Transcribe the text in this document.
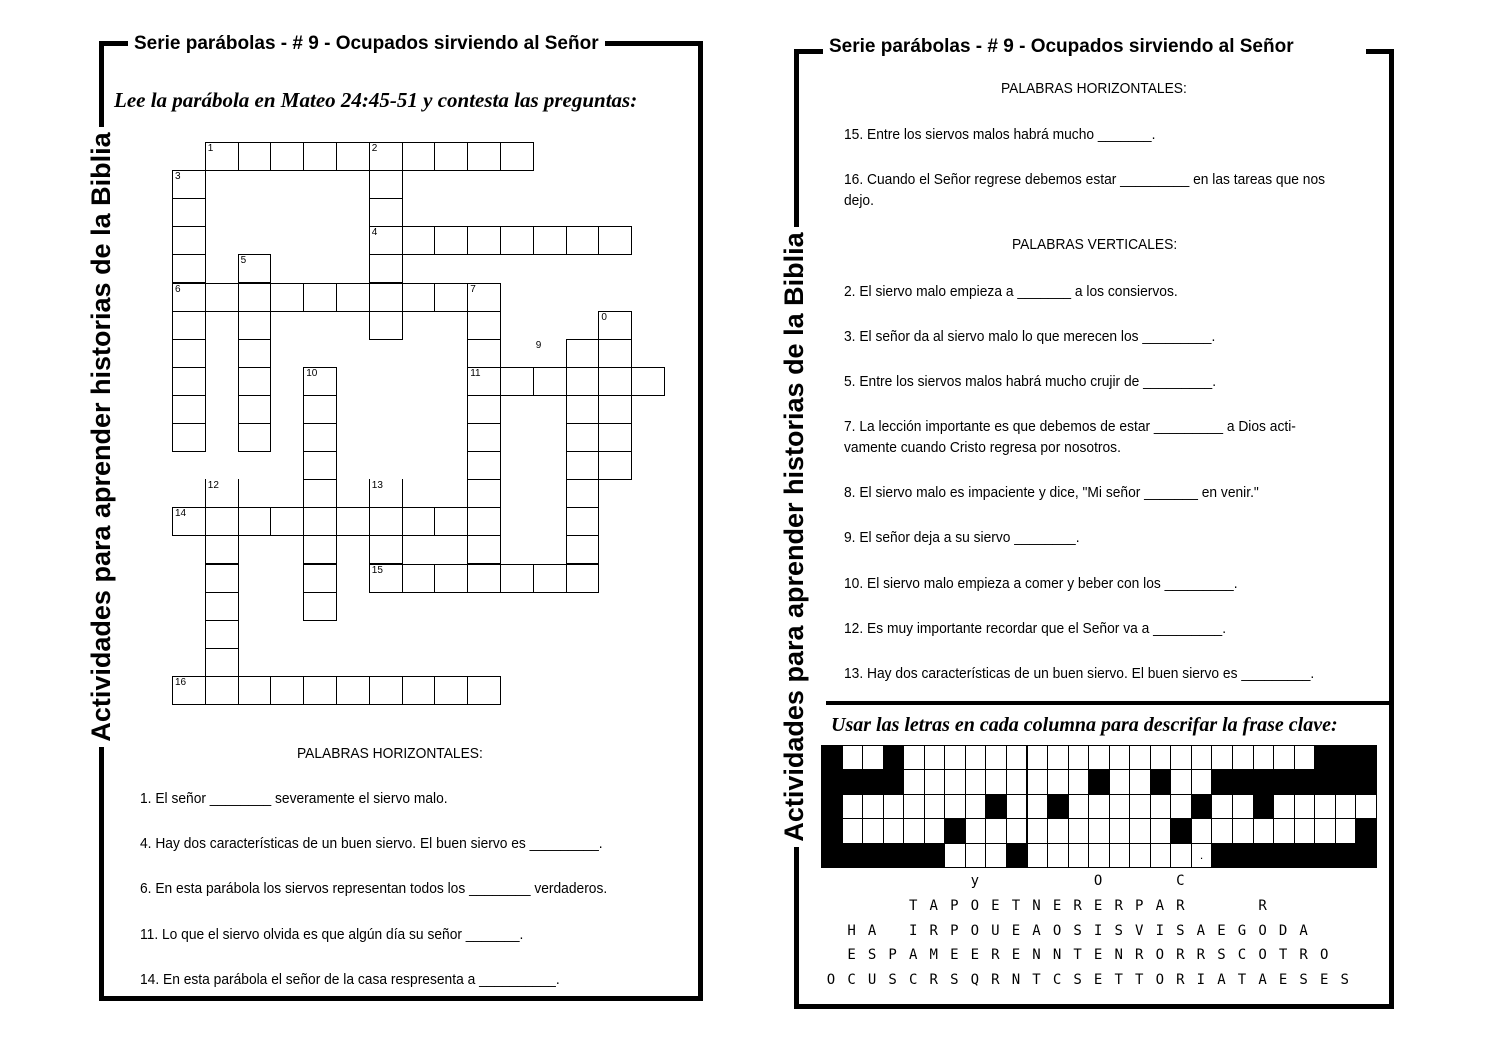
Serie parábolas - # 9 - Ocupados sirviendo al Señor
Actividades para aprender historias de la Biblia
Lee la parábola en Mateo 24:45-51 y contesta las preguntas:
1	2
3
4
5
6	7
0
9
10	11
12	13
14
15
16
PALABRAS HORIZONTALES:
1. El señor ________ severamente el siervo malo.
4. Hay dos características de un buen siervo. El buen siervo es _________.
6. En esta parábola los siervos representan todos los ________ verdaderos.
11. Lo que el siervo olvida es que algún día su señor _______.
14. En esta parábola el señor de la casa respresenta a __________.
Serie parábolas - # 9 - Ocupados sirviendo al Señor
Actividades para aprender historias de la Biblia
PALABRAS HORIZONTALES:
15. Entre los siervos malos habrá mucho _______.
16. Cuando el Señor regrese debemos estar _________ en las tareas que nos
dejo.
PALABRAS VERTICALES:
2. El siervo malo empieza a _______ a los consiervos.
3. El señor da al siervo malo lo que merecen los _________.
5. Entre los siervos malos habrá mucho crujir de _________.
7. La lección importante es que debemos de estar _________ a Dios acti-
vamente cuando Cristo regresa por nosotros.
8. El siervo malo es impaciente y dice, "Mi señor _______ en venir."
9. El señor deja a su siervo ________.
10. El siervo malo empieza a comer y beber con los _________.
12. Es muy importante recordar que el Señor va a _________.
13. Hay dos características de un buen siervo. El buen siervo es _________.
Usar las letras en cada columna para descrifar la frase clave:
.
y	O	C
T A P O E T N E R E R P A R	R
H A	I R P O U E A O S I S V I S A E G O D A
E S P A M E E R E N N T E N R O R R S C O T R O
O C U S C R S Q R N T C S E T T O R I A T A E S E S
